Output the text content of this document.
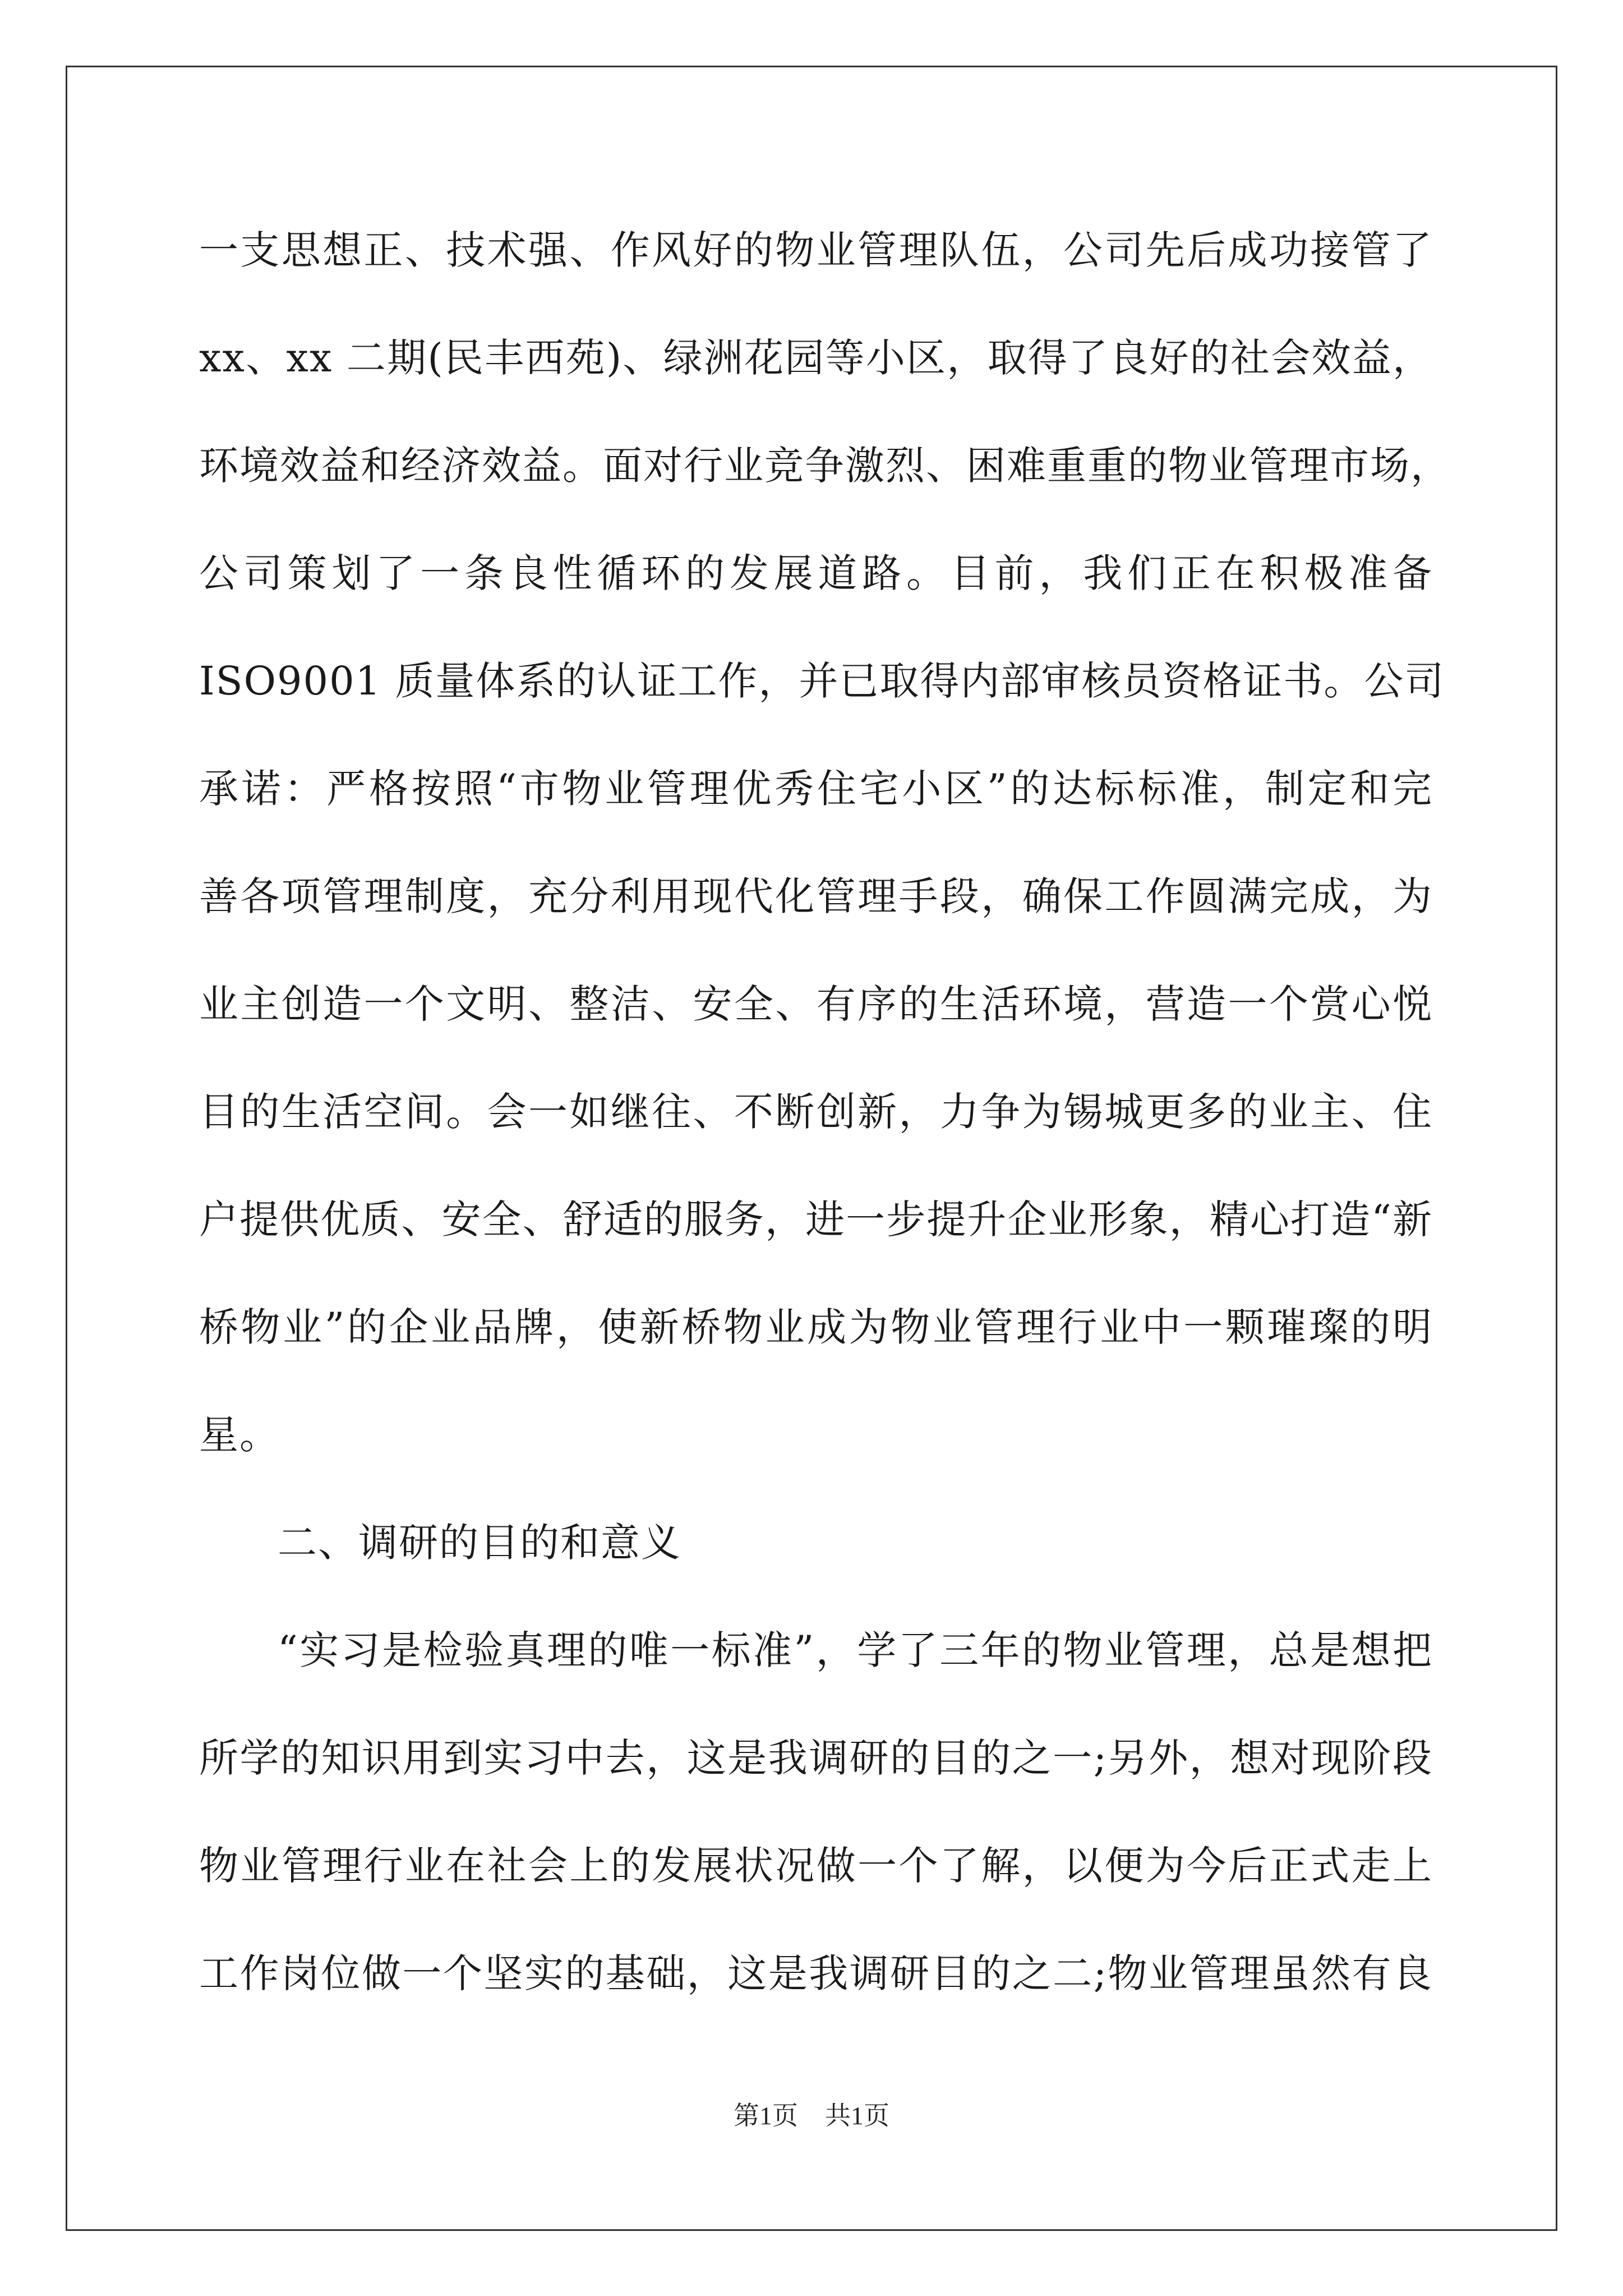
一支思想正、技术强、作风好的物业管理队伍，公司先后成功接管了
xx、xx 二期(民丰西苑)、绿洲花园等小区，取得了良好的社会效益，
环境效益和经济效益。面对行业竞争激烈、困难重重的物业管理市场，
公司策划了一条良性循环的发展道路。目前，我们正在积极准备
ISO9001 质量体系的认证工作，并已取得内部审核员资格证书。公司
承诺：严格按照“市物业管理优秀住宅小区”的达标标准，制定和完
善各项管理制度，充分利用现代化管理手段，确保工作圆满完成，为
业主创造一个文明、整洁、安全、有序的生活环境，营造一个赏心悦
目的生活空间。会一如继往、不断创新，力争为锡城更多的业主、住
户提供优质、安全、舒适的服务，进一步提升企业形象，精心打造“新
桥物业”的企业品牌，使新桥物业成为物业管理行业中一颗璀璨的明
星。
二、调研的目的和意义
“实习是检验真理的唯一标准”，学了三年的物业管理，总是想把
所学的知识用到实习中去，这是我调研的目的之一;另外，想对现阶段
物业管理行业在社会上的发展状况做一个了解，以便为今后正式走上
工作岗位做一个坚实的基础，这是我调研目的之二;物业管理虽然有良
第1页 共1页
